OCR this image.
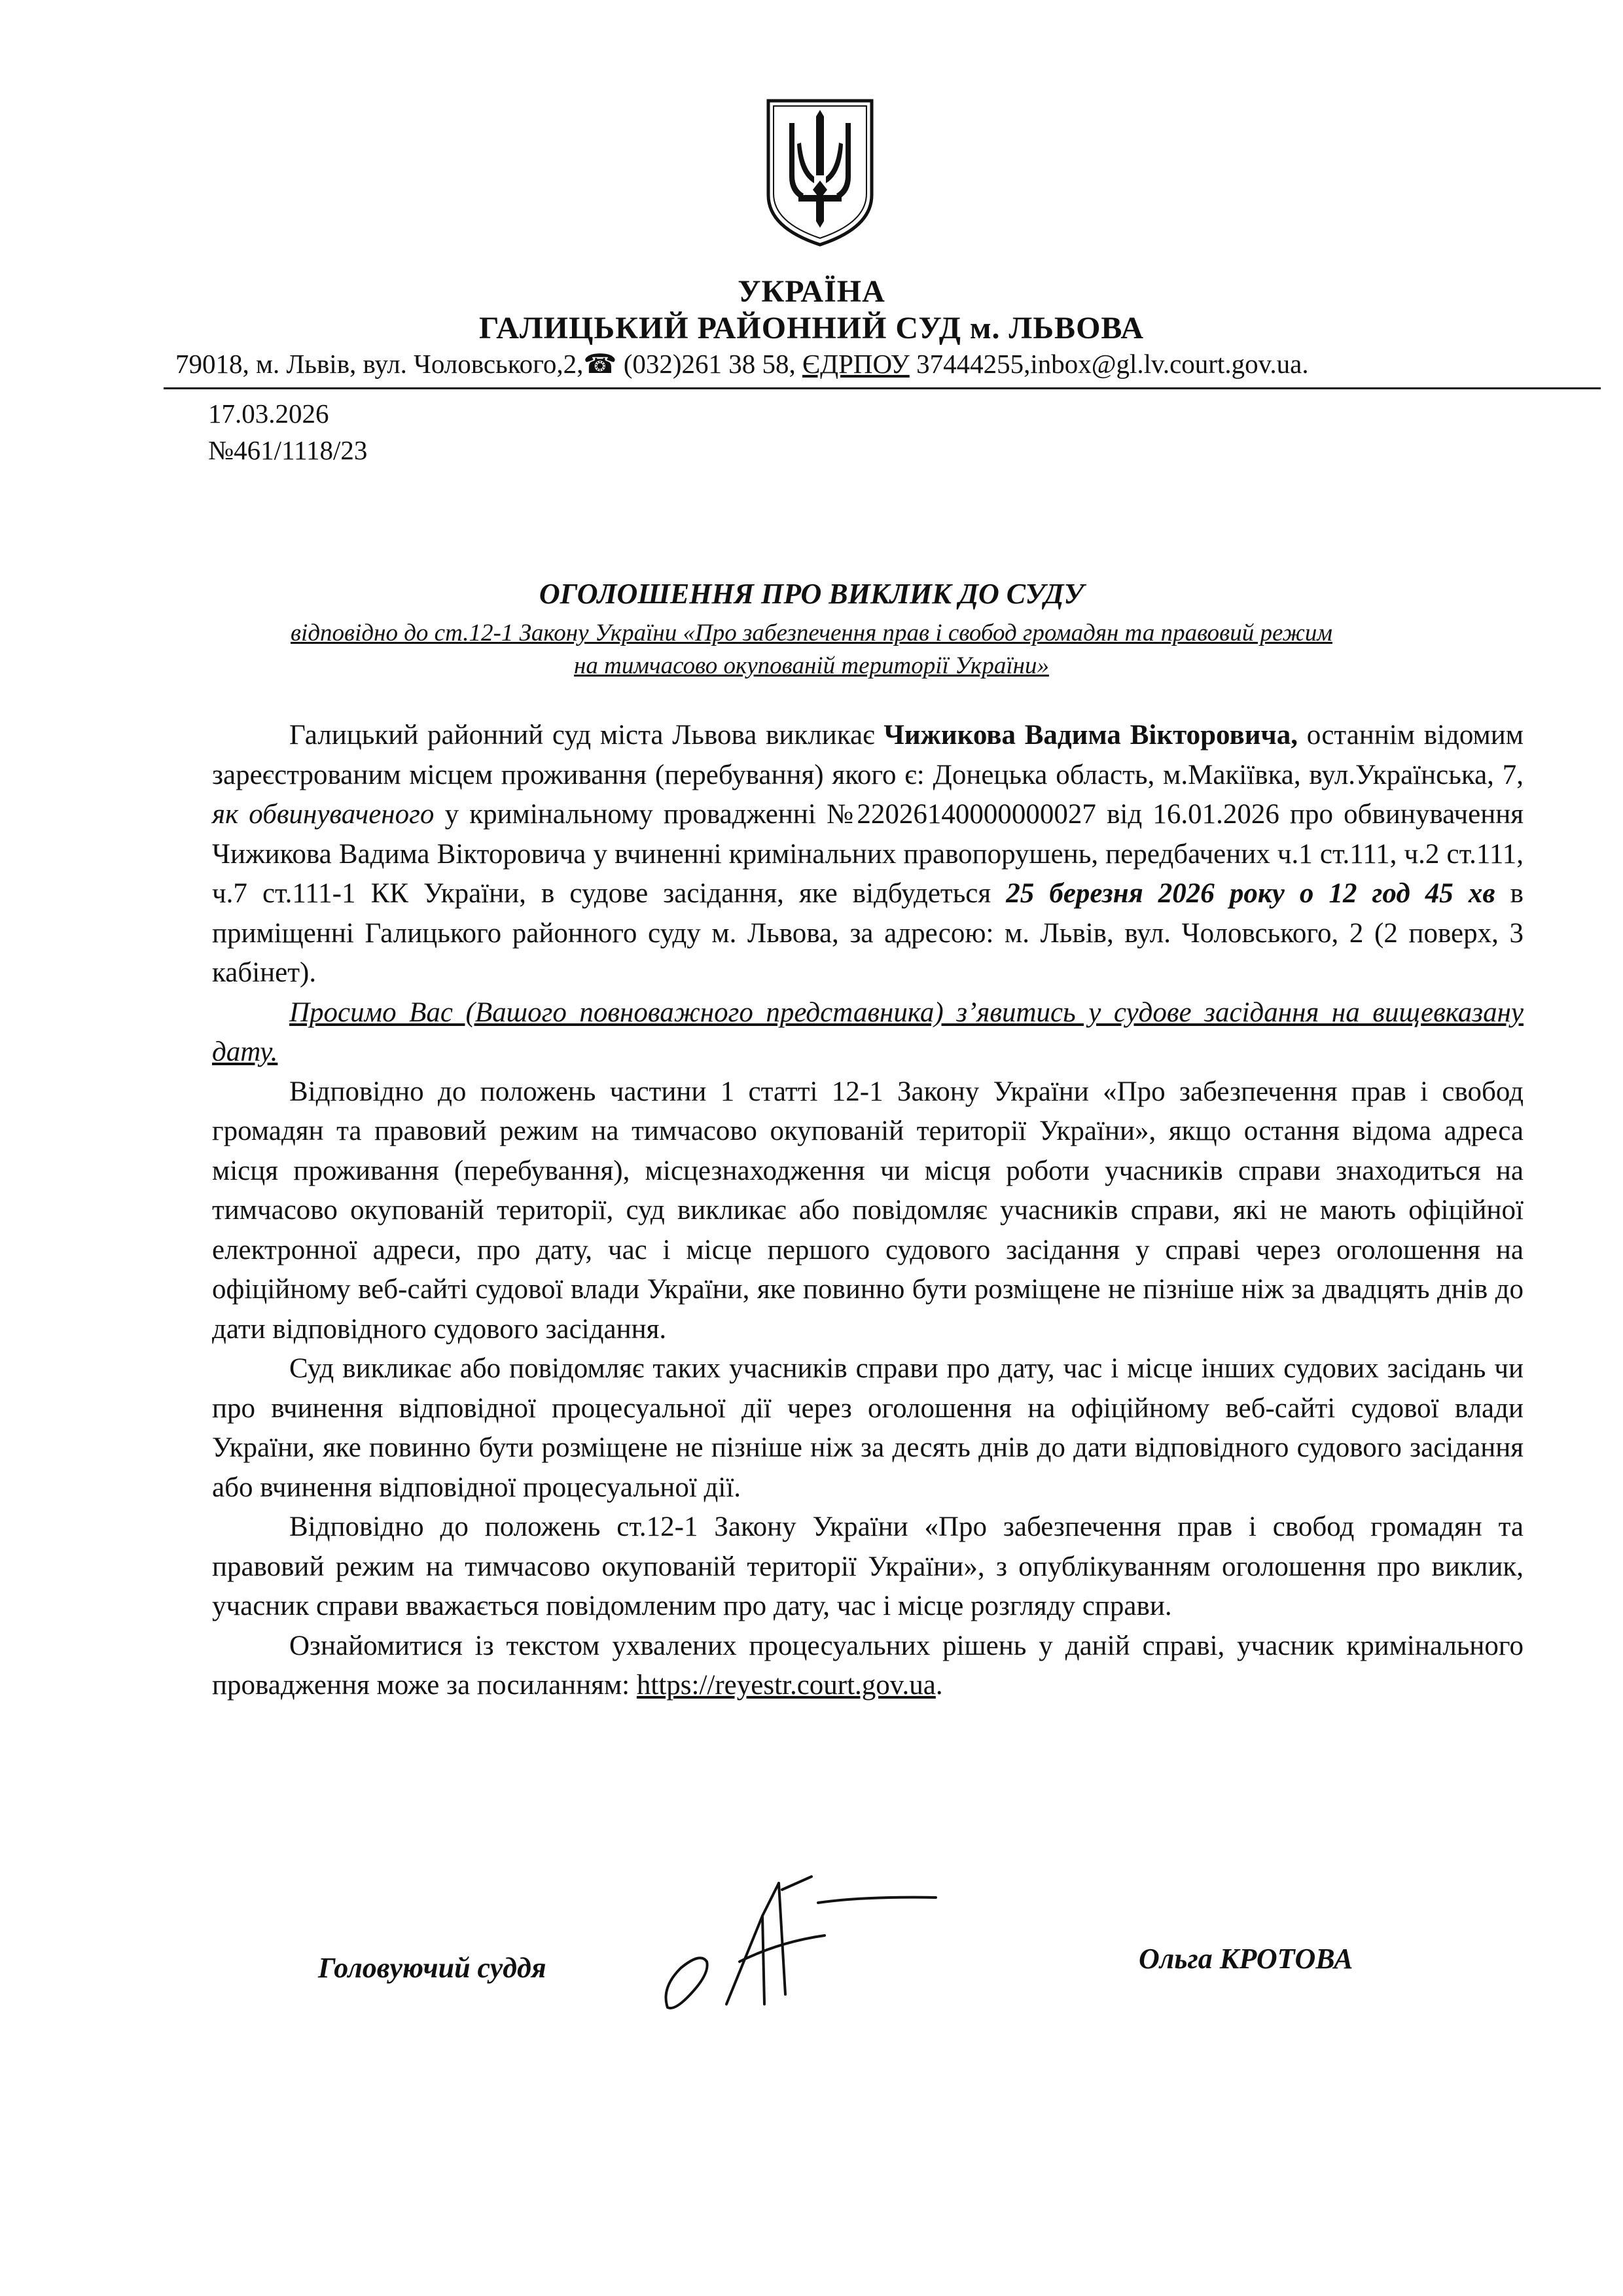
УКРАЇНА
ГАЛИЦЬКИЙ РАЙОННИЙ СУД м. ЛЬВОВА
79018, м. Львів, вул. Чоловського,2,☎ (032)261 38 58, ЄДРПОУ 37444255,inbox@gl.lv.court.gov.ua.
17.03.2026
№461/1118/23
ОГОЛОШЕННЯ ПРО ВИКЛИК ДО СУДУ
відповідно до ст.12-1 Закону України «Про забезпечення прав і свобод громадян та правовий режим
на тимчасово окупованій території України»

Галицький районний суд міста Львова викликає Чижикова Вадима Вікторовича, останнім відомим зареєстрованим місцем проживання (перебування) якого є: Донецька область, м.Макіївка, вул.Українська, 7, як обвинуваченого у кримінальному провадженні №22026140000000027 від 16.01.2026 про обвинувачення Чижикова Вадима Вікторовича у вчиненні кримінальних правопорушень, передбачених ч.1 ст.111, ч.2 ст.111, ч.7 ст.111-1 КК України, в судове засідання, яке відбудеться 25 березня 2026 року о 12 год 45 хв в приміщенні Галицького районного суду м. Львова, за адресою: м. Львів, вул. Чоловського, 2 (2 поверх, 3 кабінет).

Просимо Вас (Вашого повноважного представника) з’явитись у судове засідання на вищевказану дату.

Відповідно до положень частини 1 статті 12-1 Закону України «Про забезпечення прав і свобод громадян та правовий режим на тимчасово окупованій території України», якщо остання відома адреса місця проживання (перебування), місцезнаходження чи місця роботи учасників справи знаходиться на тимчасово окупованій території, суд викликає або повідомляє учасників справи, які не мають офіційної електронної адреси, про дату, час і місце першого судового засідання у справі через оголошення на офіційному веб-сайті судової влади України, яке повинно бути розміщене не пізніше ніж за двадцять днів до дати відповідного судового засідання.

Суд викликає або повідомляє таких учасників справи про дату, час і місце інших судових засідань чи про вчинення відповідної процесуальної дії через оголошення на офіційному веб-сайті судової влади України, яке повинно бути розміщене не пізніше ніж за десять днів до дати відповідного судового засідання або вчинення відповідної процесуальної дії.

Відповідно до положень ст.12-1 Закону України «Про забезпечення прав і свобод громадян та правовий режим на тимчасово окупованій території України», з опублікуванням оголошення про виклик, учасник справи вважається повідомленим про дату, час і місце розгляду справи.

Ознайомитися із текстом ухвалених процесуальних рішень у даній справі, учасник кримінального провадження може за посиланням: https://reyestr.court.gov.ua.

Головуючий суддя	Ольга КРОТОВА
